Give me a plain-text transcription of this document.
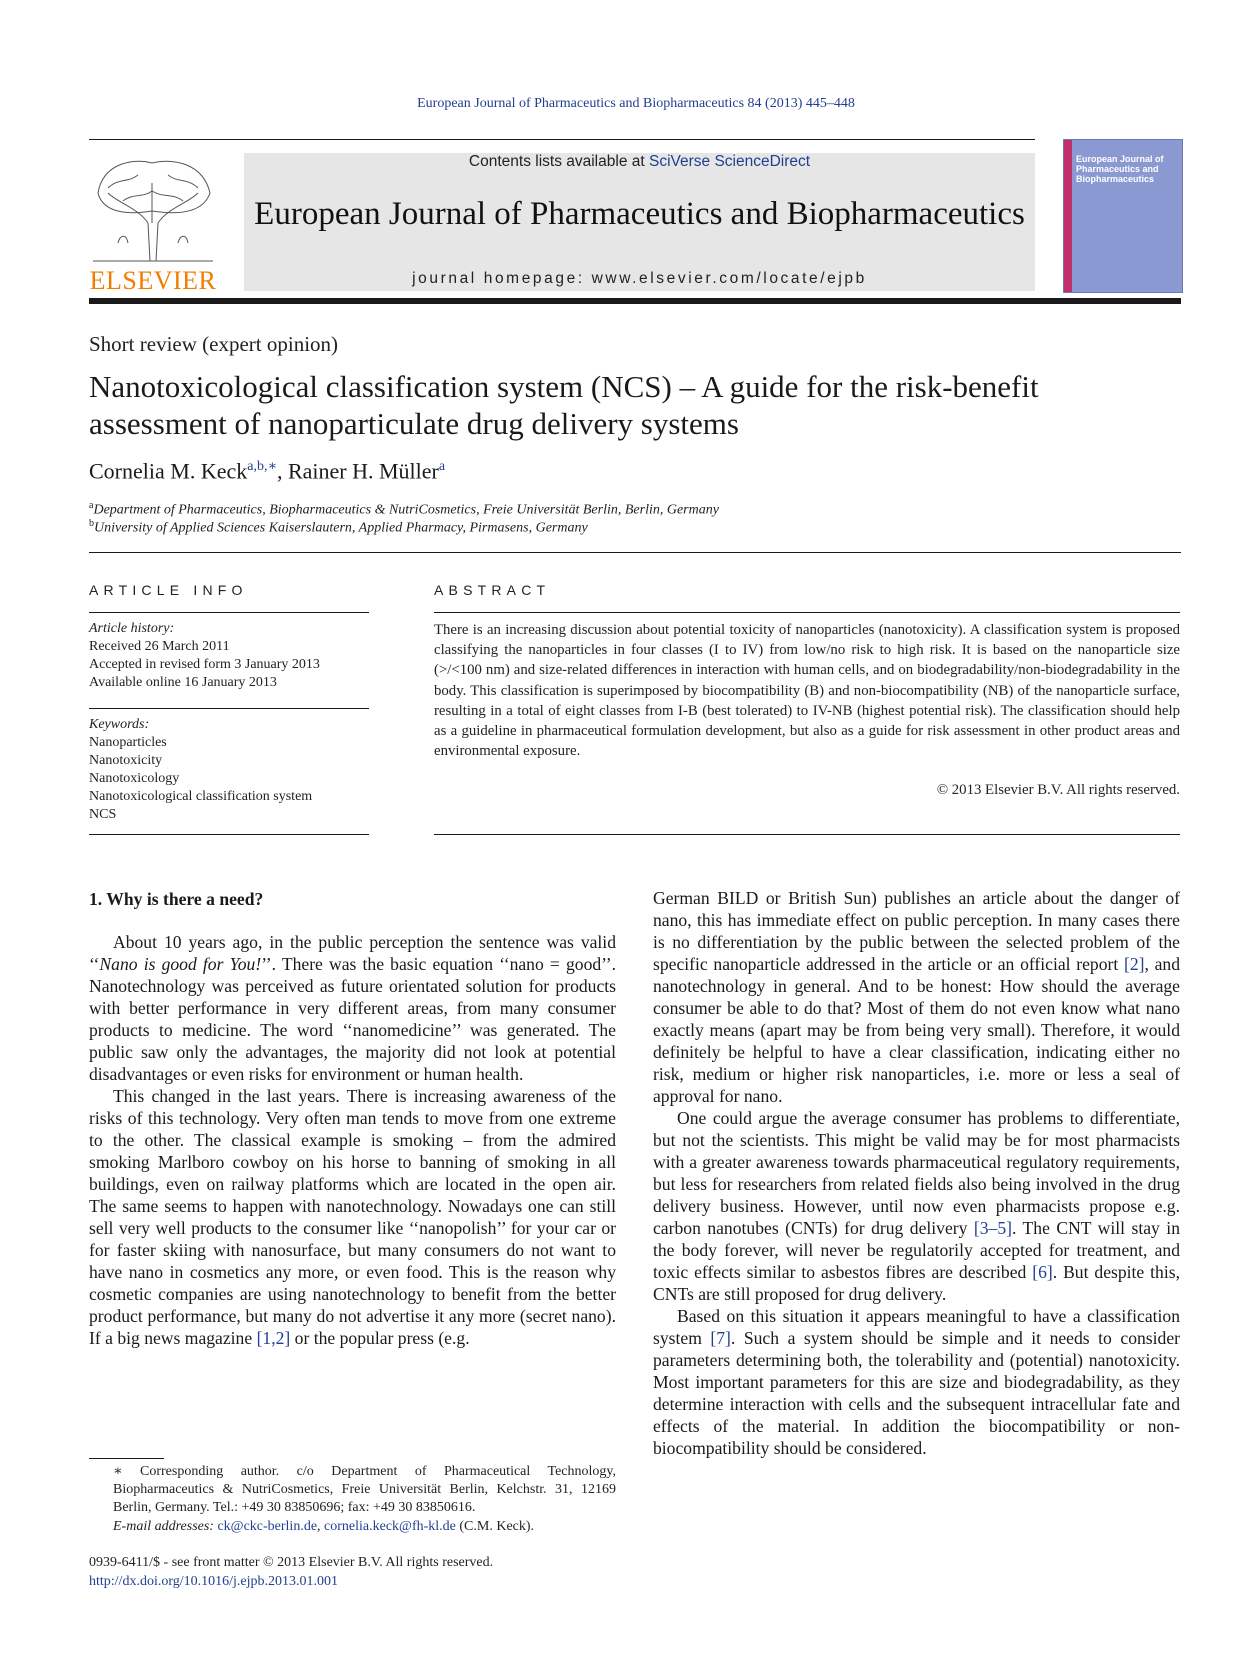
European Journal of Pharmaceutics and Biopharmaceutics 84 (2013) 445–448
ELSEVIER
Contents lists available at SciVerse ScienceDirect
European Journal of Pharmaceutics and Biopharmaceutics
journal homepage: www.elsevier.com/locate/ejpb
European Journal of Pharmaceutics and Biopharmaceutics
Short review (expert opinion)
Nanotoxicological classification system (NCS) – A guide for the risk-benefit
assessment of nanoparticulate drug delivery systems
Cornelia M. Keck$^{a,b,∗}$, Rainer H. Müller$^a$
$^a$Department of Pharmaceutics, Biopharmaceutics & NutriCosmetics, Freie Universität Berlin, Berlin, Germany
$^b$University of Applied Sciences Kaiserslautern, Applied Pharmacy, Pirmasens, Germany
ARTICLE INFO
Article history:
Received 26 March 2011
Accepted in revised form 3 January 2013
Available online 16 January 2013
Keywords:
Nanoparticles
Nanotoxicity
Nanotoxicology
Nanotoxicological classification system
NCS
ABSTRACT
There is an increasing discussion about potential toxicity of nanoparticles (nanotoxicity). A classification system is proposed classifying the nanoparticles in four classes (I to IV) from low/no risk to high risk. It is based on the nanoparticle size (>/<100 nm) and size-related differences in interaction with human cells, and on biodegradability/non-biodegradability in the body. This classification is superimposed by biocompatibility (B) and non-biocompatibility (NB) of the nanoparticle surface, resulting in a total of eight classes from I-B (best tolerated) to IV-NB (highest potential risk). The classification should help as a guideline in pharmaceutical formulation development, but also as a guide for risk assessment in other product areas and environmental exposure.
© 2013 Elsevier B.V. All rights reserved.
1. Why is there a need?

About 10 years ago, in the public perception the sentence was valid ‘‘Nano is good for You!’’. There was the basic equation ‘‘nano = good’’. Nanotechnology was perceived as future orientated solution for products with better performance in very different areas, from many consumer products to medicine. The word ‘‘nanomedicine’’ was generated. The public saw only the advantages, the majority did not look at potential disadvantages or even risks for environment or human health.

This changed in the last years. There is increasing awareness of the risks of this technology. Very often man tends to move from one extreme to the other. The classical example is smoking – from the admired smoking Marlboro cowboy on his horse to banning of smoking in all buildings, even on railway platforms which are located in the open air. The same seems to happen with nanotechnology. Nowadays one can still sell very well products to the consumer like ‘‘nanopolish’’ for your car or for faster skiing with nanosurface, but many consumers do not want to have nano in cosmetics any more, or even food. This is the reason why cosmetic companies are using nanotechnology to benefit from the better product performance, but many do not advertise it any more (secret nano). If a big news magazine [1,2] or the popular press (e.g.

German BILD or British Sun) publishes an article about the danger of nano, this has immediate effect on public perception. In many cases there is no differentiation by the public between the selected problem of the specific nanoparticle addressed in the article or an official report [2], and nanotechnology in general. And to be honest: How should the average consumer be able to do that? Most of them do not even know what nano exactly means (apart may be from being very small). Therefore, it would definitely be helpful to have a clear classification, indicating either no risk, medium or higher risk nanoparticles, i.e. more or less a seal of approval for nano.

One could argue the average consumer has problems to differentiate, but not the scientists. This might be valid may be for most pharmacists with a greater awareness towards pharmaceutical regulatory requirements, but less for researchers from related fields also being involved in the drug delivery business. However, until now even pharmacists propose e.g. carbon nanotubes (CNTs) for drug delivery [3–5]. The CNT will stay in the body forever, will never be regulatorily accepted for treatment, and toxic effects similar to asbestos fibres are described [6]. But despite this, CNTs are still proposed for drug delivery.

Based on this situation it appears meaningful to have a classification system [7]. Such a system should be simple and it needs to consider parameters determining both, the tolerability and (potential) nanotoxicity. Most important parameters for this are size and biodegradability, as they determine interaction with cells and the subsequent intracellular fate and effects of the material. In addition the biocompatibility or non-biocompatibility should be considered.

∗ Corresponding author. c/o Department of Pharmaceutical Technology, Biopharmaceutics & NutriCosmetics, Freie Universität Berlin, Kelchstr. 31, 12169 Berlin, Germany. Tel.: +49 30 83850696; fax: +49 30 83850616.
E-mail addresses: ck@ckc-berlin.de, cornelia.keck@fh-kl.de (C.M. Keck).
0939-6411/$ - see front matter © 2013 Elsevier B.V. All rights reserved.
http://dx.doi.org/10.1016/j.ejpb.2013.01.001
